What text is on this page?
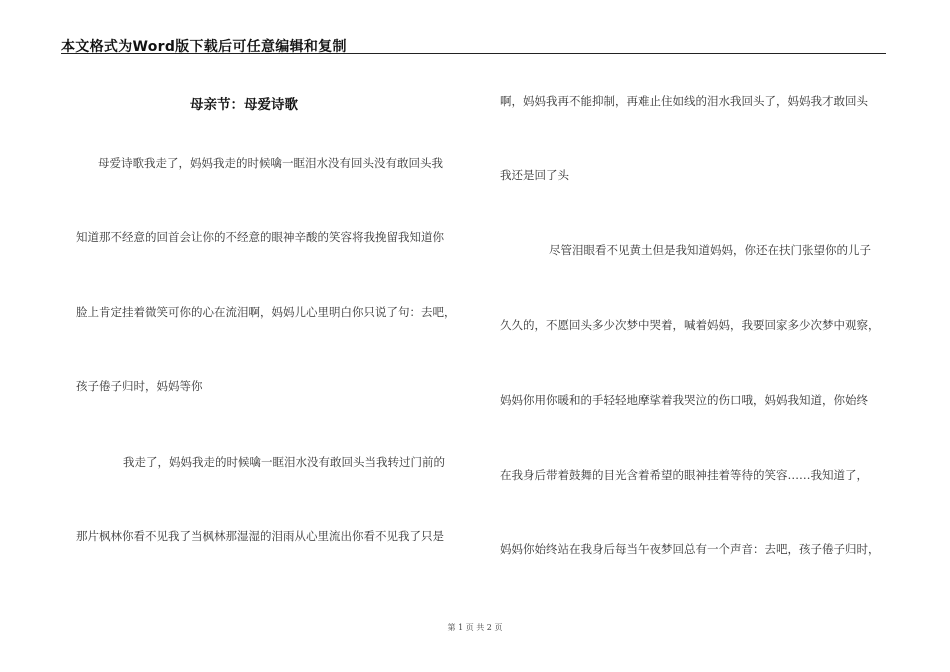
本文格式为Word版下载后可任意编辑和复制
母亲节：母爱诗歌
母爱诗歌我走了，妈妈我走的时候噙一眶泪水没有回头没有敢回头我
知道那不经意的回首会让你的不经意的眼神辛酸的笑容将我挽留我知道你
脸上肯定挂着微笑可你的心在流泪啊，妈妈儿心里明白你只说了句：去吧，
孩子倦子归时，妈妈等你
我走了，妈妈我走的时候噙一眶泪水没有敢回头当我转过门前的
那片枫林你看不见我了当枫林那湿湿的泪雨从心里流出你看不见我了只是
啊，妈妈我再不能抑制，再难止住如线的泪水我回头了，妈妈我才敢回头
我还是回了头
尽管泪眼看不见黄土但是我知道妈妈，你还在扶门张望你的儿子
久久的，不愿回头多少次梦中哭着，喊着妈妈，我要回家多少次梦中观察，
妈妈你用你暖和的手轻轻地摩挲着我哭泣的伤口哦，妈妈我知道，你始终
在我身后带着鼓舞的目光含着希望的眼神挂着等待的笑容……我知道了，
妈妈你始终站在我身后每当午夜梦回总有一个声音：去吧，孩子倦子归时，
第 1 页 共 2 页
